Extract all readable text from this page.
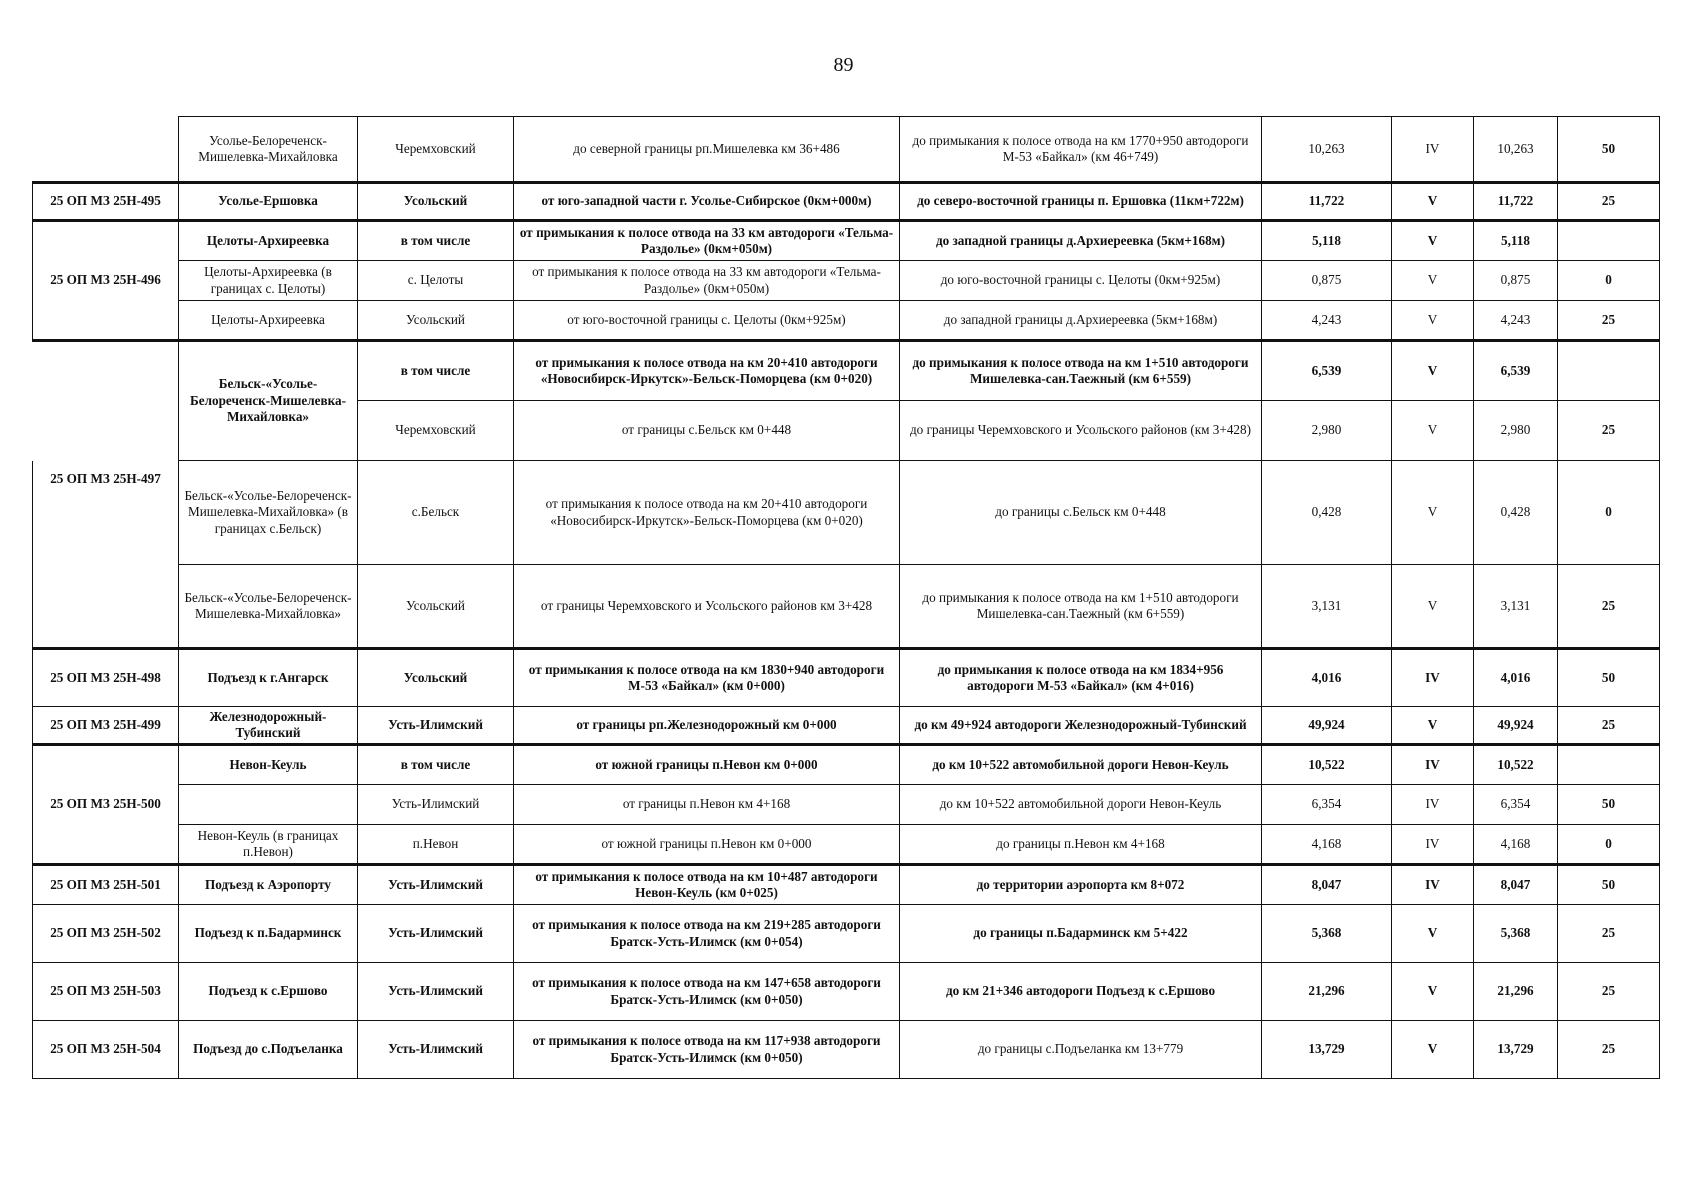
89
	Усолье-Белореченск-Мишелевка-Михайловка	Черемховский	до северной границы рп.Мишелевка км 36+486	до примыкания к полосе отвода на км 1770+950 автодороги М-53 «Байкал» (км 46+749)	10,263	IV	10,263	50
25 ОП МЗ 25Н-495	Усолье-Ершовка	Усольский	от юго-западной части г. Усолье-Сибирское (0км+000м)	до северо-восточной границы п. Ершовка (11км+722м)	11,722	V	11,722	25
25 ОП МЗ 25Н-496	Целоты-Архиреевка	в том числе	от примыкания к полосе отвода на 33 км автодороги «Тельма-Раздолье» (0км+050м)	до западной границы д.Архиереевка (5км+168м)	5,118	V	5,118	
	Целоты-Архиреевка (в границах с. Целоты)	с. Целоты	от примыкания к полосе отвода на 33 км автодороги «Тельма-Раздолье» (0км+050м)	до юго-восточной границы с. Целоты (0км+925м)	0,875	V	0,875	0
	Целоты-Архиреевка	Усольский	от юго-восточной границы с. Целоты (0км+925м)	до западной границы д.Архиереевка (5км+168м)	4,243	V	4,243	25
	Бельск-«Усолье-Белореченск-Мишелевка-Михайловка»	в том числе	от примыкания к полосе отвода на км 20+410 автодороги «Новосибирск-Иркутск»-Бельск-Поморцева (км 0+020)	до примыкания к полосе отвода на км 1+510 автодороги Мишелевка-сан.Таежный (км 6+559)	6,539	V	6,539	
		Черемховский	от границы с.Бельск км 0+448	до границы Черемховского и Усольского районов (км 3+428)	2,980	V	2,980	25
25 ОП МЗ 25Н-497	Бельск-«Усолье-Белореченск-Мишелевка-Михайловка» (в границах с.Бельск)	с.Бельск	от примыкания к полосе отвода на км 20+410 автодороги «Новосибирск-Иркутск»-Бельск-Поморцева (км 0+020)	до границы с.Бельск км 0+448	0,428	V	0,428	0
	Бельск-«Усолье-Белореченск-Мишелевка-Михайловка»	Усольский	от границы Черемховского и Усольского районов км 3+428	до примыкания к полосе отвода на км 1+510 автодороги Мишелевка-сан.Таежный (км 6+559)	3,131	V	3,131	25
25 ОП МЗ 25Н-498	Подъезд к г.Ангарск	Усольский	от примыкания к полосе отвода на км 1830+940 автодороги М-53 «Байкал» (км 0+000)	до примыкания к полосе отвода на км 1834+956 автодороги М-53 «Байкал» (км 4+016)	4,016	IV	4,016	50
25 ОП МЗ 25Н-499	Железнодорожный-Тубинский	Усть-Илимский	от границы рп.Железнодорожный км 0+000	до км 49+924 автодороги Железнодорожный-Тубинский	49,924	V	49,924	25
25 ОП МЗ 25Н-500	Невон-Кеуль	в том числе	от южной границы п.Невон км 0+000	до км 10+522 автомобильной дороги Невон-Кеуль	10,522	IV	10,522	
		Усть-Илимский	от границы п.Невон км 4+168	до км 10+522 автомобильной дороги Невон-Кеуль	6,354	IV	6,354	50
	Невон-Кеуль (в границах п.Невон)	п.Невон	от южной границы п.Невон км 0+000	до границы п.Невон км 4+168	4,168	IV	4,168	0
25 ОП МЗ 25Н-501	Подъезд к Аэропорту	Усть-Илимский	от примыкания к полосе отвода на км 10+487 автодороги Невон-Кеуль (км 0+025)	до территории аэропорта км 8+072	8,047	IV	8,047	50
25 ОП МЗ 25Н-502	Подъезд к п.Бадарминск	Усть-Илимский	от примыкания к полосе отвода на км 219+285 автодороги Братск-Усть-Илимск (км 0+054)	до границы п.Бадарминск км 5+422	5,368	V	5,368	25
25 ОП МЗ 25Н-503	Подъезд к с.Ершово	Усть-Илимский	от примыкания к полосе отвода на км 147+658 автодороги Братск-Усть-Илимск (км 0+050)	до км 21+346 автодороги Подъезд к с.Ершово	21,296	V	21,296	25
25 ОП МЗ 25Н-504	Подъезд до с.Подъеланка	Усть-Илимский	от примыкания к полосе отвода на км 117+938 автодороги Братск-Усть-Илимск (км 0+050)	до границы с.Подъеланка км 13+779	13,729	V	13,729	25
